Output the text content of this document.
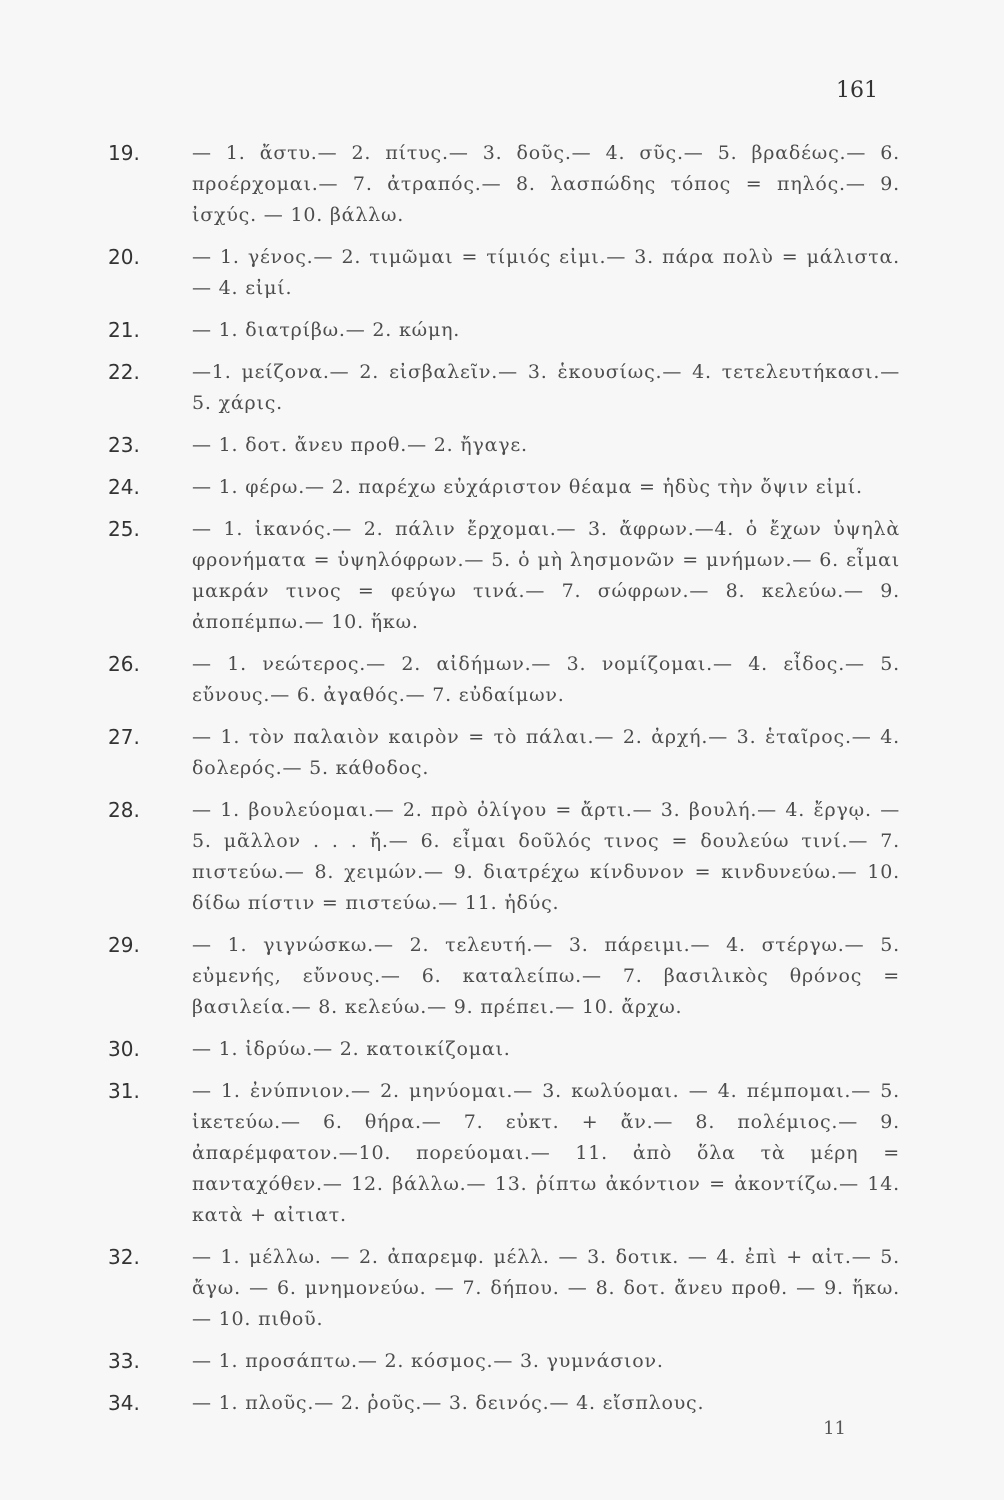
161
19.	— 1. ἄστυ.— 2. πίτυς.— 3. δοῦς.— 4. σῦς.— 5. βραδέως.— 6. προέρχομαι.— 7. ἀτραπός.— 8. λασπώδης τόπος = πηλός.— 9. ἰσχύς. — 10. βάλλω.
20.	— 1. γένος.— 2. τιμῶμαι = τίμιός εἰμι.— 3. πάρα πολὺ = μάλιστα.— 4. εἰμί.
21.	— 1. διατρίβω.— 2. κώμη.
22.	—1. μείζονα.— 2. εἰσβαλεῖν.— 3. ἑκουσίως.— 4. τετελευτήκασι.— 5. χάρις.
23.	— 1. δοτ. ἄνευ προθ.— 2. ἤγαγε.
24.	— 1. φέρω.— 2. παρέχω εὐχάριστον θέαμα = ἡδὺς τὴν ὄψιν εἰμί.
25.	— 1. ἱκανός.— 2. πάλιν ἔρχομαι.— 3. ἄφρων.—4. ὁ ἔχων ὑψηλὰ φρονήματα = ὑψηλόφρων.— 5. ὁ μὴ λησμονῶν = μνήμων.— 6. εἶμαι μακράν τινος = φεύγω τινά.— 7. σώφρων.— 8. κελεύω.— 9. ἀποπέμπω.— 10. ἥκω.
26.	— 1. νεώτερος.— 2. αἰδήμων.— 3. νομίζομαι.— 4. εἶδος.— 5. εὔνους.— 6. ἀγαθός.— 7. εὐδαίμων.
27.	— 1. τὸν παλαιὸν καιρὸν = τὸ πάλαι.— 2. ἀρχή.— 3. ἑταῖρος.— 4. δολερός.— 5. κάθοδος.
28.	— 1. βουλεύομαι.— 2. πρὸ ὀλίγου = ἄρτι.— 3. βουλή.— 4. ἔργῳ. — 5. μᾶλλον . . . ἤ.— 6. εἶμαι δοῦλός τινος = δουλεύω τινί.— 7. πιστεύω.— 8. χειμών.— 9. διατρέχω κίνδυνον = κινδυνεύω.— 10. δίδω πίστιν = πιστεύω.— 11. ἡδύς.
29.	— 1. γιγνώσκω.— 2. τελευτή.— 3. πάρειμι.— 4. στέργω.— 5. εὐμενής, εὔνους.— 6. καταλείπω.— 7. βασιλικὸς θρόνος = βασιλεία.— 8. κελεύω.— 9. πρέπει.— 10. ἄρχω.
30.	— 1. ἱδρύω.— 2. κατοικίζομαι.
31.	— 1. ἐνύπνιον.— 2. μηνύομαι.— 3. κωλύομαι. — 4. πέμπομαι.— 5. ἱκετεύω.— 6. θήρα.— 7. εὐκτ. + ἄν.— 8. πολέμιος.— 9. ἀπαρέμφατον.—10. πορεύομαι.— 11. ἀπὸ ὅλα τὰ μέρη = πανταχόθεν.— 12. βάλλω.— 13. ῥίπτω ἀκόντιον = ἀκοντίζω.— 14. κατὰ + αἰτιατ.
32.	— 1. μέλλω. — 2. ἀπαρεμφ. μέλλ. — 3. δοτικ. — 4. ἐπὶ + αἰτ.— 5. ἄγω. — 6. μνημονεύω. — 7. δήπου. — 8. δοτ. ἄνευ προθ. — 9. ἥκω.— 10. πιθοῦ.
33.	— 1. προσάπτω.— 2. κόσμος.— 3. γυμνάσιον.
34.	— 1. πλοῦς.— 2. ῥοῦς.— 3. δεινός.— 4. εἴσπλους.
11
